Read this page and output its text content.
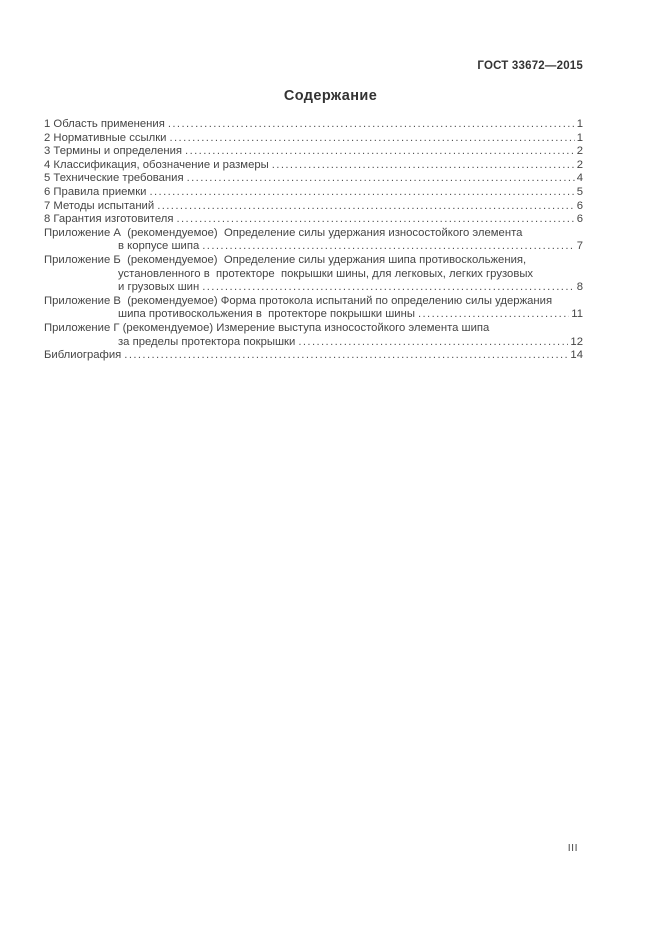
ГОСТ 33672—2015
Содержание
1 Область применения .....	1
2 Нормативные ссылки .....	1
3 Термины и определения .....	2
4 Классификация, обозначение и размеры .....	2
5 Технические требования .....	4
6 Правила приемки .....	5
7 Методы испытаний .....	6
8 Гарантия изготовителя .....	6
Приложение А  (рекомендуемое)  Определение силы удержания износостойкого элемента
в корпусе шипа .....	7
Приложение Б  (рекомендуемое)  Определение силы удержания шипа противоскольжения,
установленного в  протекторе  покрышки шины, для легковых, легких грузовых
и грузовых шин .....	8
Приложение В  (рекомендуемое) Форма протокола испытаний по определению силы удержания
шипа противоскольжения в  протекторе покрышки шины .....	11
Приложение Г (рекомендуемое) Измерение выступа износостойкого элемента шипа
за пределы протектора покрышки .....	12
Библиография .....	14
III
